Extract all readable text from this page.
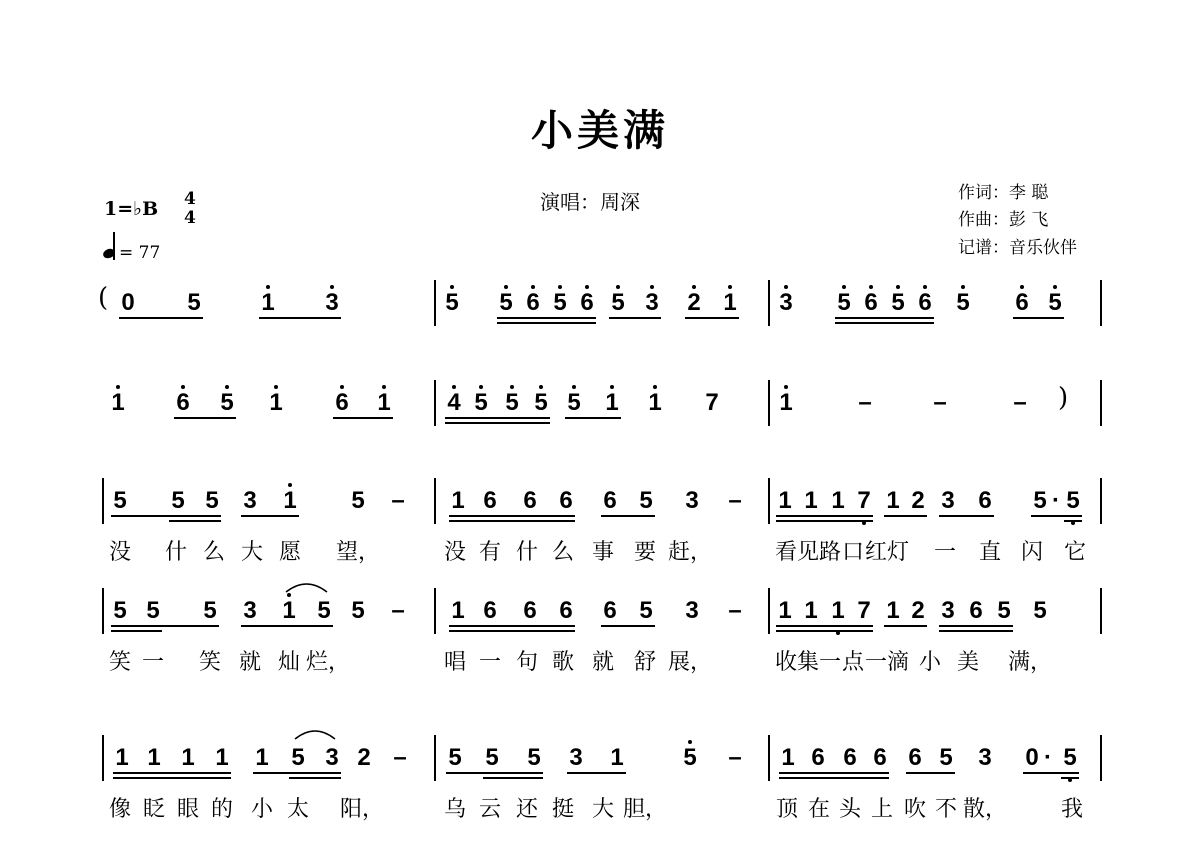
小美满
演唱：周深	作词：李 聪
作曲：彭 飞
记谱：音乐伙伴
1=♭B 4
4
= 77
0 5	1 3	5 5 6 5 6 5 3 2 1 3 5 6 5 6 5 6 5
1 6 5 1 6 1 4 5 5 5 5 1 1 7	1	–	–	–
5 5 5 3 1 5 – 1 6 6 6 6 5 3 – 1 1 1 7 1 2 3 6 5 · 5
没 什 么 大 愿 望，	没 有 什 么 事 要 赶，	看 见 路 口 红 灯 一 直 闪 它
5 5 5 3 1 5 5 – 1 6 6 6 6 5 3 – 1 1 1 7 1 2 3 6 5 5
笑 一 笑 就 灿 烂，	唱 一 句 歌 就 舒 展，	收 集 一 点 一 滴 小 美 满，
1 1 1 1 1 5 3 2 – 5 5 5 3 1 5 – 1 6 6 6 6 5 3 0 · 5
像 眨 眼 的 小 太 阳，	乌 云 还 挺 大 胆，	顶 在 头 上 吹 不 散， 我
(
)
